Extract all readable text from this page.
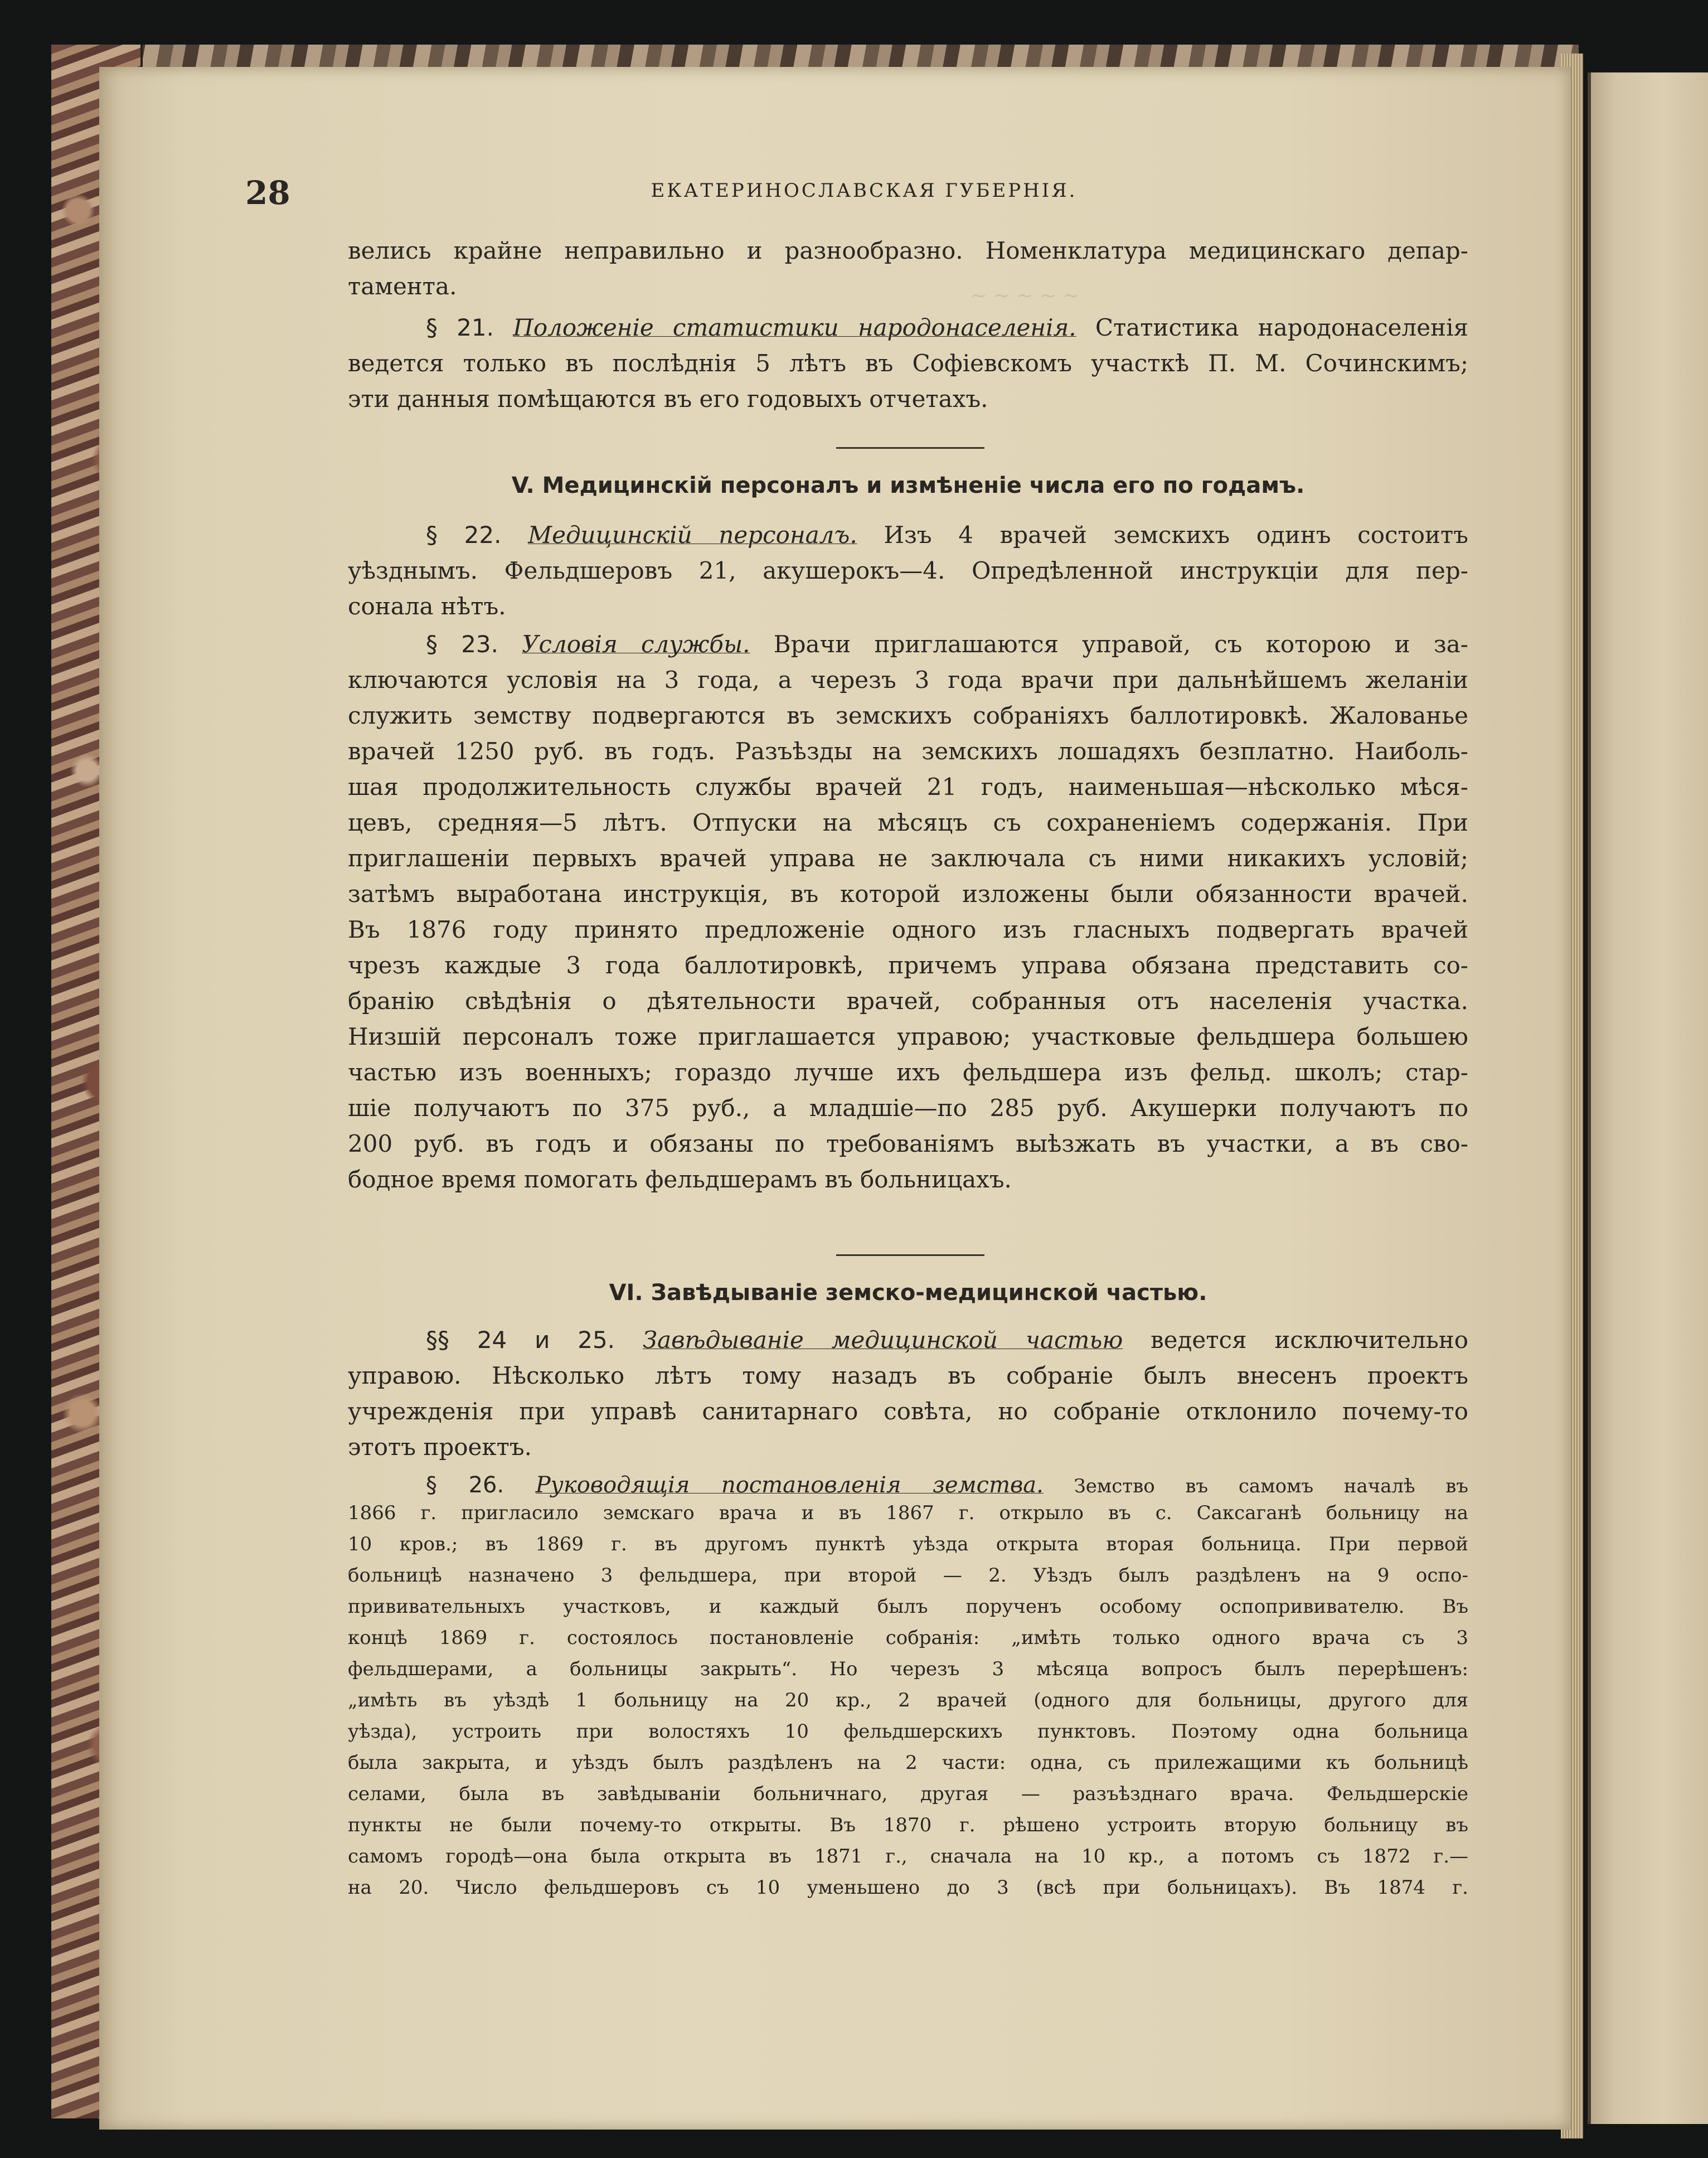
~ ~ ~ ~ ~
28	ЕКАТЕРИНОСЛАВСКАЯ ГУБЕРНІЯ.
велись крайне неправильно и разнообразно. Номенклатура медицинскаго депар-
тамента.
§ 21. Положеніе статистики народонаселенія. Статистика народонаселенія
ведется только въ послѣднія 5 лѣтъ въ Софіевскомъ участкѣ П. М. Сочинскимъ;
эти данныя помѣщаются въ его годовыхъ отчетахъ.
V. Медицинскій персоналъ и измѣненіе числа его по годамъ.
§ 22. Медицинскій персоналъ. Изъ 4 врачей земскихъ одинъ состоитъ
уѣзднымъ. Фельдшеровъ 21, акушерокъ—4. Опредѣленной инструкціи для пер-
сонала нѣтъ.
§ 23. Условія службы. Врачи приглашаются управой, съ которою и за-
ключаются условія на 3 года, а черезъ 3 года врачи при дальнѣйшемъ желаніи
служить земству подвергаются въ земскихъ собраніяхъ баллотировкѣ. Жалованье
врачей 1250 руб. въ годъ. Разъѣзды на земскихъ лошадяхъ безплатно. Наиболь-
шая продолжительность службы врачей 21 годъ, наименьшая—нѣсколько мѣся-
цевъ, средняя—5 лѣтъ. Отпуски на мѣсяцъ съ сохраненіемъ содержанія. При
приглашеніи первыхъ врачей управа не заключала съ ними никакихъ условій;
затѣмъ выработана инструкція, въ которой изложены были обязанности врачей.
Въ 1876 году принято предложеніе одного изъ гласныхъ подвергать врачей
чрезъ каждые 3 года баллотировкѣ, причемъ управа обязана представить со-
бранію свѣдѣнія о дѣятельности врачей, собранныя отъ населенія участка.
Низшій персоналъ тоже приглашается управою; участковые фельдшера большею
частью изъ военныхъ; гораздо лучше ихъ фельдшера изъ фельд. школъ; стар-
шіе получаютъ по 375 руб., а младшіе—по 285 руб. Акушерки получаютъ по
200 руб. въ годъ и обязаны по требованіямъ выѣзжать въ участки, а въ сво-
бодное время помогать фельдшерамъ въ больницахъ.
VI. Завѣдываніе земско-медицинской частью.
§§ 24 и 25. Завѣдываніе медицинской частью ведется исключительно
управою. Нѣсколько лѣтъ тому назадъ въ собраніе былъ внесенъ проектъ
учрежденія при управѣ санитарнаго совѣта, но собраніе отклонило почему-то
этотъ проектъ.
§ 26. Руководящія постановленія земства. Земство въ самомъ началѣ въ
1866 г. пригласило земскаго врача и въ 1867 г. открыло въ с. Саксаганѣ больницу на
10 кров.; въ 1869 г. въ другомъ пунктѣ уѣзда открыта вторая больница. При первой
больницѣ назначено 3 фельдшера, при второй — 2. Уѣздъ былъ раздѣленъ на 9 оспо-
прививательныхъ участковъ, и каждый былъ порученъ особому оспопрививателю. Въ
концѣ 1869 г. состоялось постановленіе собранія: „имѣть только одного врача съ 3
фельдшерами, а больницы закрыть“. Но черезъ 3 мѣсяца вопросъ былъ перерѣшенъ:
„имѣть въ уѣздѣ 1 больницу на 20 кр., 2 врачей (одного для больницы, другого для
уѣзда), устроить при волостяхъ 10 фельдшерскихъ пунктовъ. Поэтому одна больница
была закрыта, и уѣздъ былъ раздѣленъ на 2 части: одна, съ прилежащими къ больницѣ
селами, была въ завѣдываніи больничнаго, другая — разъѣзднаго врача. Фельдшерскіе
пункты не были почему-то открыты. Въ 1870 г. рѣшено устроить вторую больницу въ
самомъ городѣ—она была открыта въ 1871 г., сначала на 10 кр., а потомъ съ 1872 г.—
на 20. Число фельдшеровъ съ 10 уменьшено до 3 (всѣ при больницахъ). Въ 1874 г.
